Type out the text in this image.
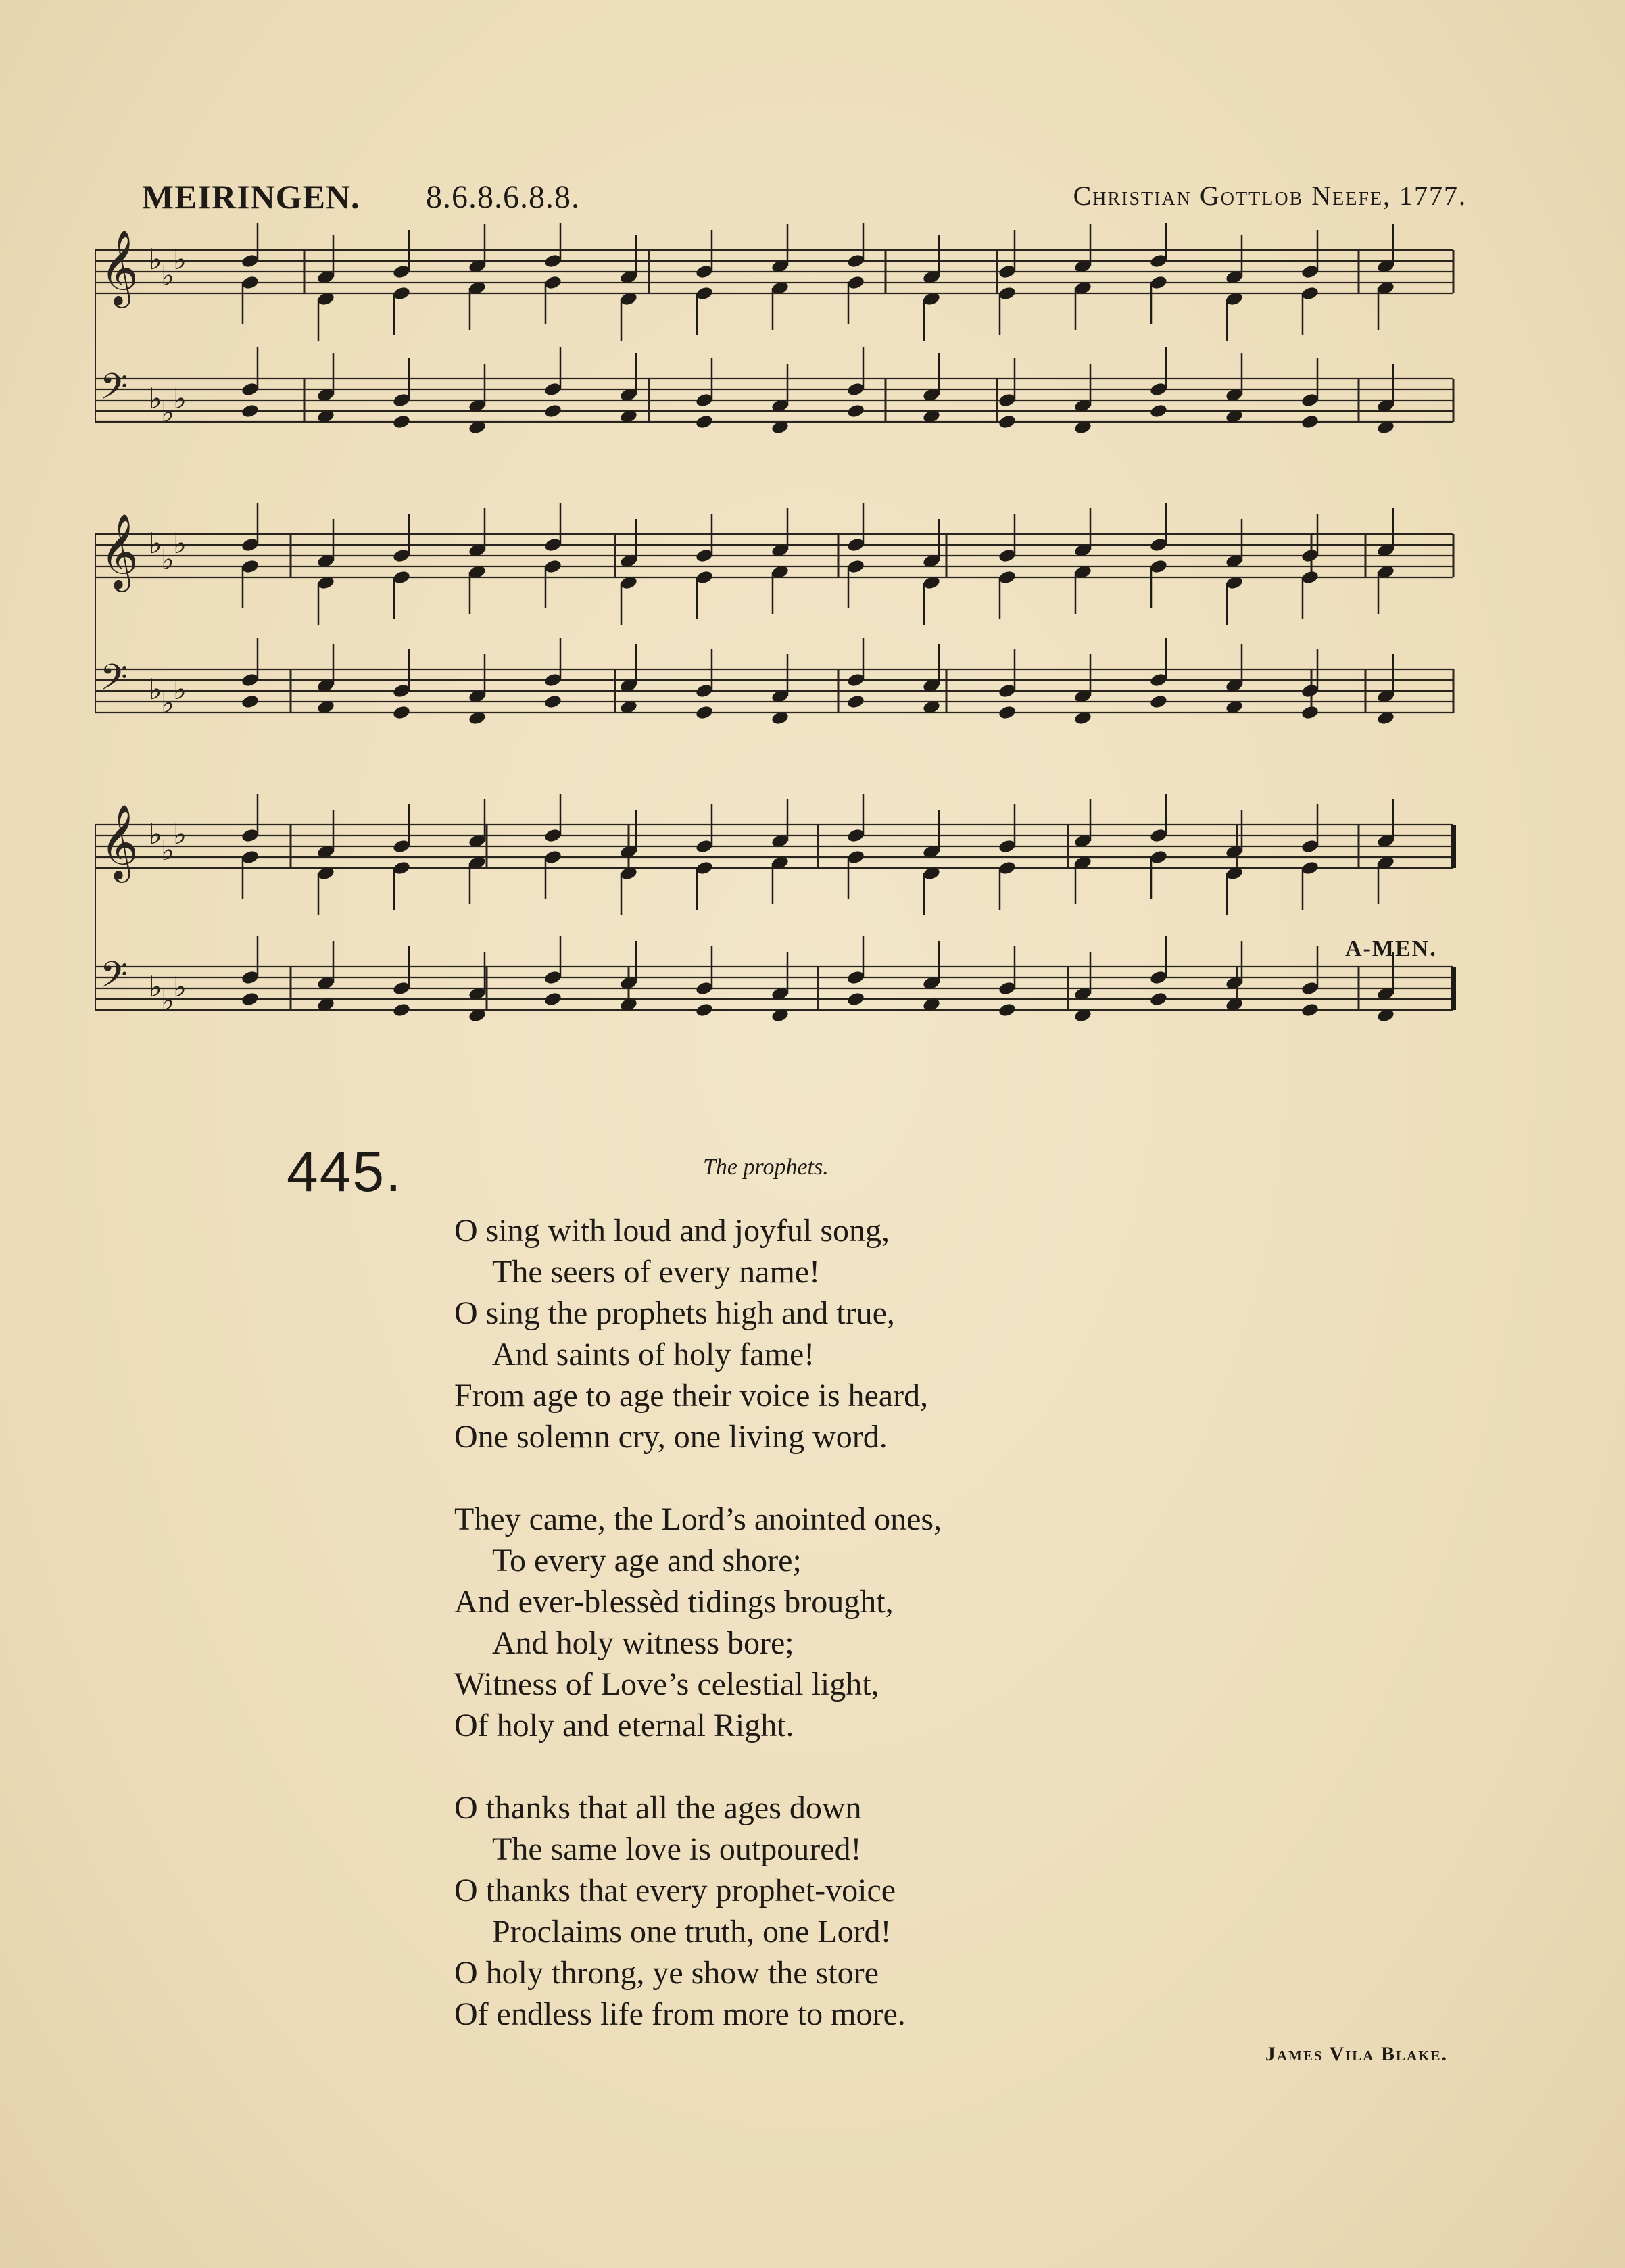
MEIRINGEN. 8.6.8.6.8.8.	Christian Gottlob Neefe, 1777.
𝄞 ♭
♭
♭
𝄢 ♭
♭
♭
𝄞 ♭
♭
♭
𝄢 ♭
♭
♭
𝄞 ♭
♭
♭
𝄢 ♭
♭
♭
A-MEN.
445.	The prophets.
O sing with loud and joyful song,
The seers of every name!
O sing the prophets high and true,
And saints of holy fame!
From age to age their voice is heard,
One solemn cry, one living word.
They came, the Lord’s anointed ones,
To every age and shore;
And ever-blessèd tidings brought,
And holy witness bore;
Witness of Love’s celestial light,
Of holy and eternal Right.
O thanks that all the ages down
The same love is outpoured!
O thanks that every prophet-voice
Proclaims one truth, one Lord!
O holy throng, ye show the store
Of endless life from more to more.
James Vila Blake.
